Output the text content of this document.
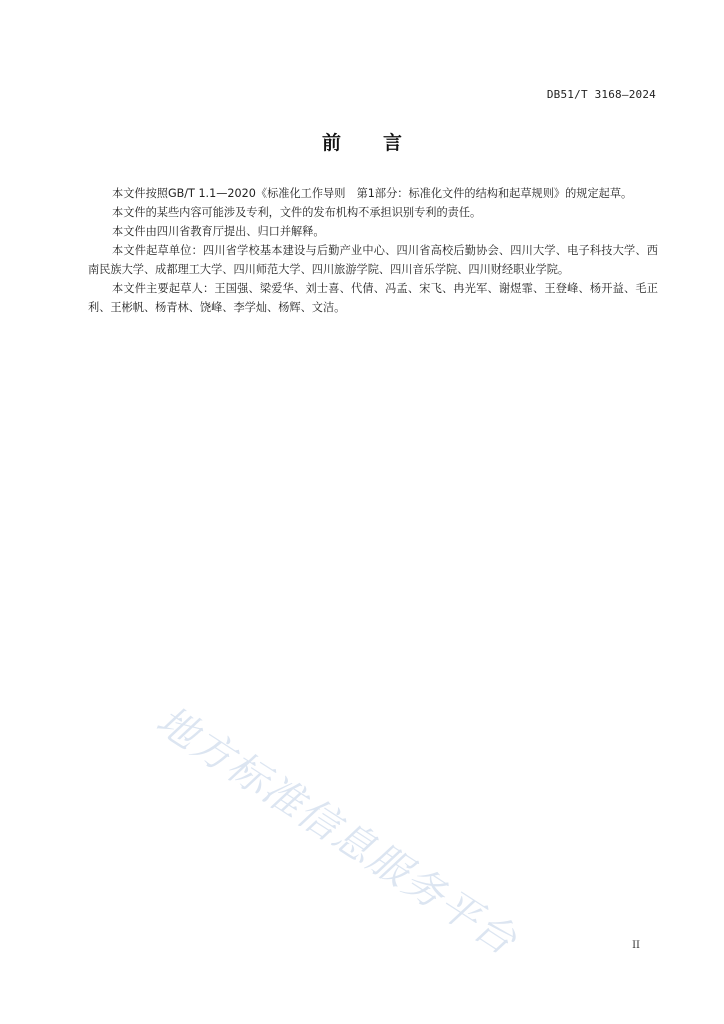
DB51/T 3168—2024
前言

本文件按照GB/T 1.1—2020《标准化工作导则　第1部分：标准化文件的结构和起草规则》的规定起草。

本文件的某些内容可能涉及专利，文件的发布机构不承担识别专利的责任。

本文件由四川省教育厅提出、归口并解释。

本文件起草单位：四川省学校基本建设与后勤产业中心、四川省高校后勤协会、四川大学、电子科技大学、西南民族大学、成都理工大学、四川师范大学、四川旅游学院、四川音乐学院、四川财经职业学院。

本文件主要起草人：王国强、梁爱华、刘士喜、代倩、冯孟、宋飞、冉光军、谢煜霏、王登峰、杨开益、毛正利、王彬帆、杨青林、饶峰、李学灿、杨辉、文洁。

地方标准信息服务平台	II
